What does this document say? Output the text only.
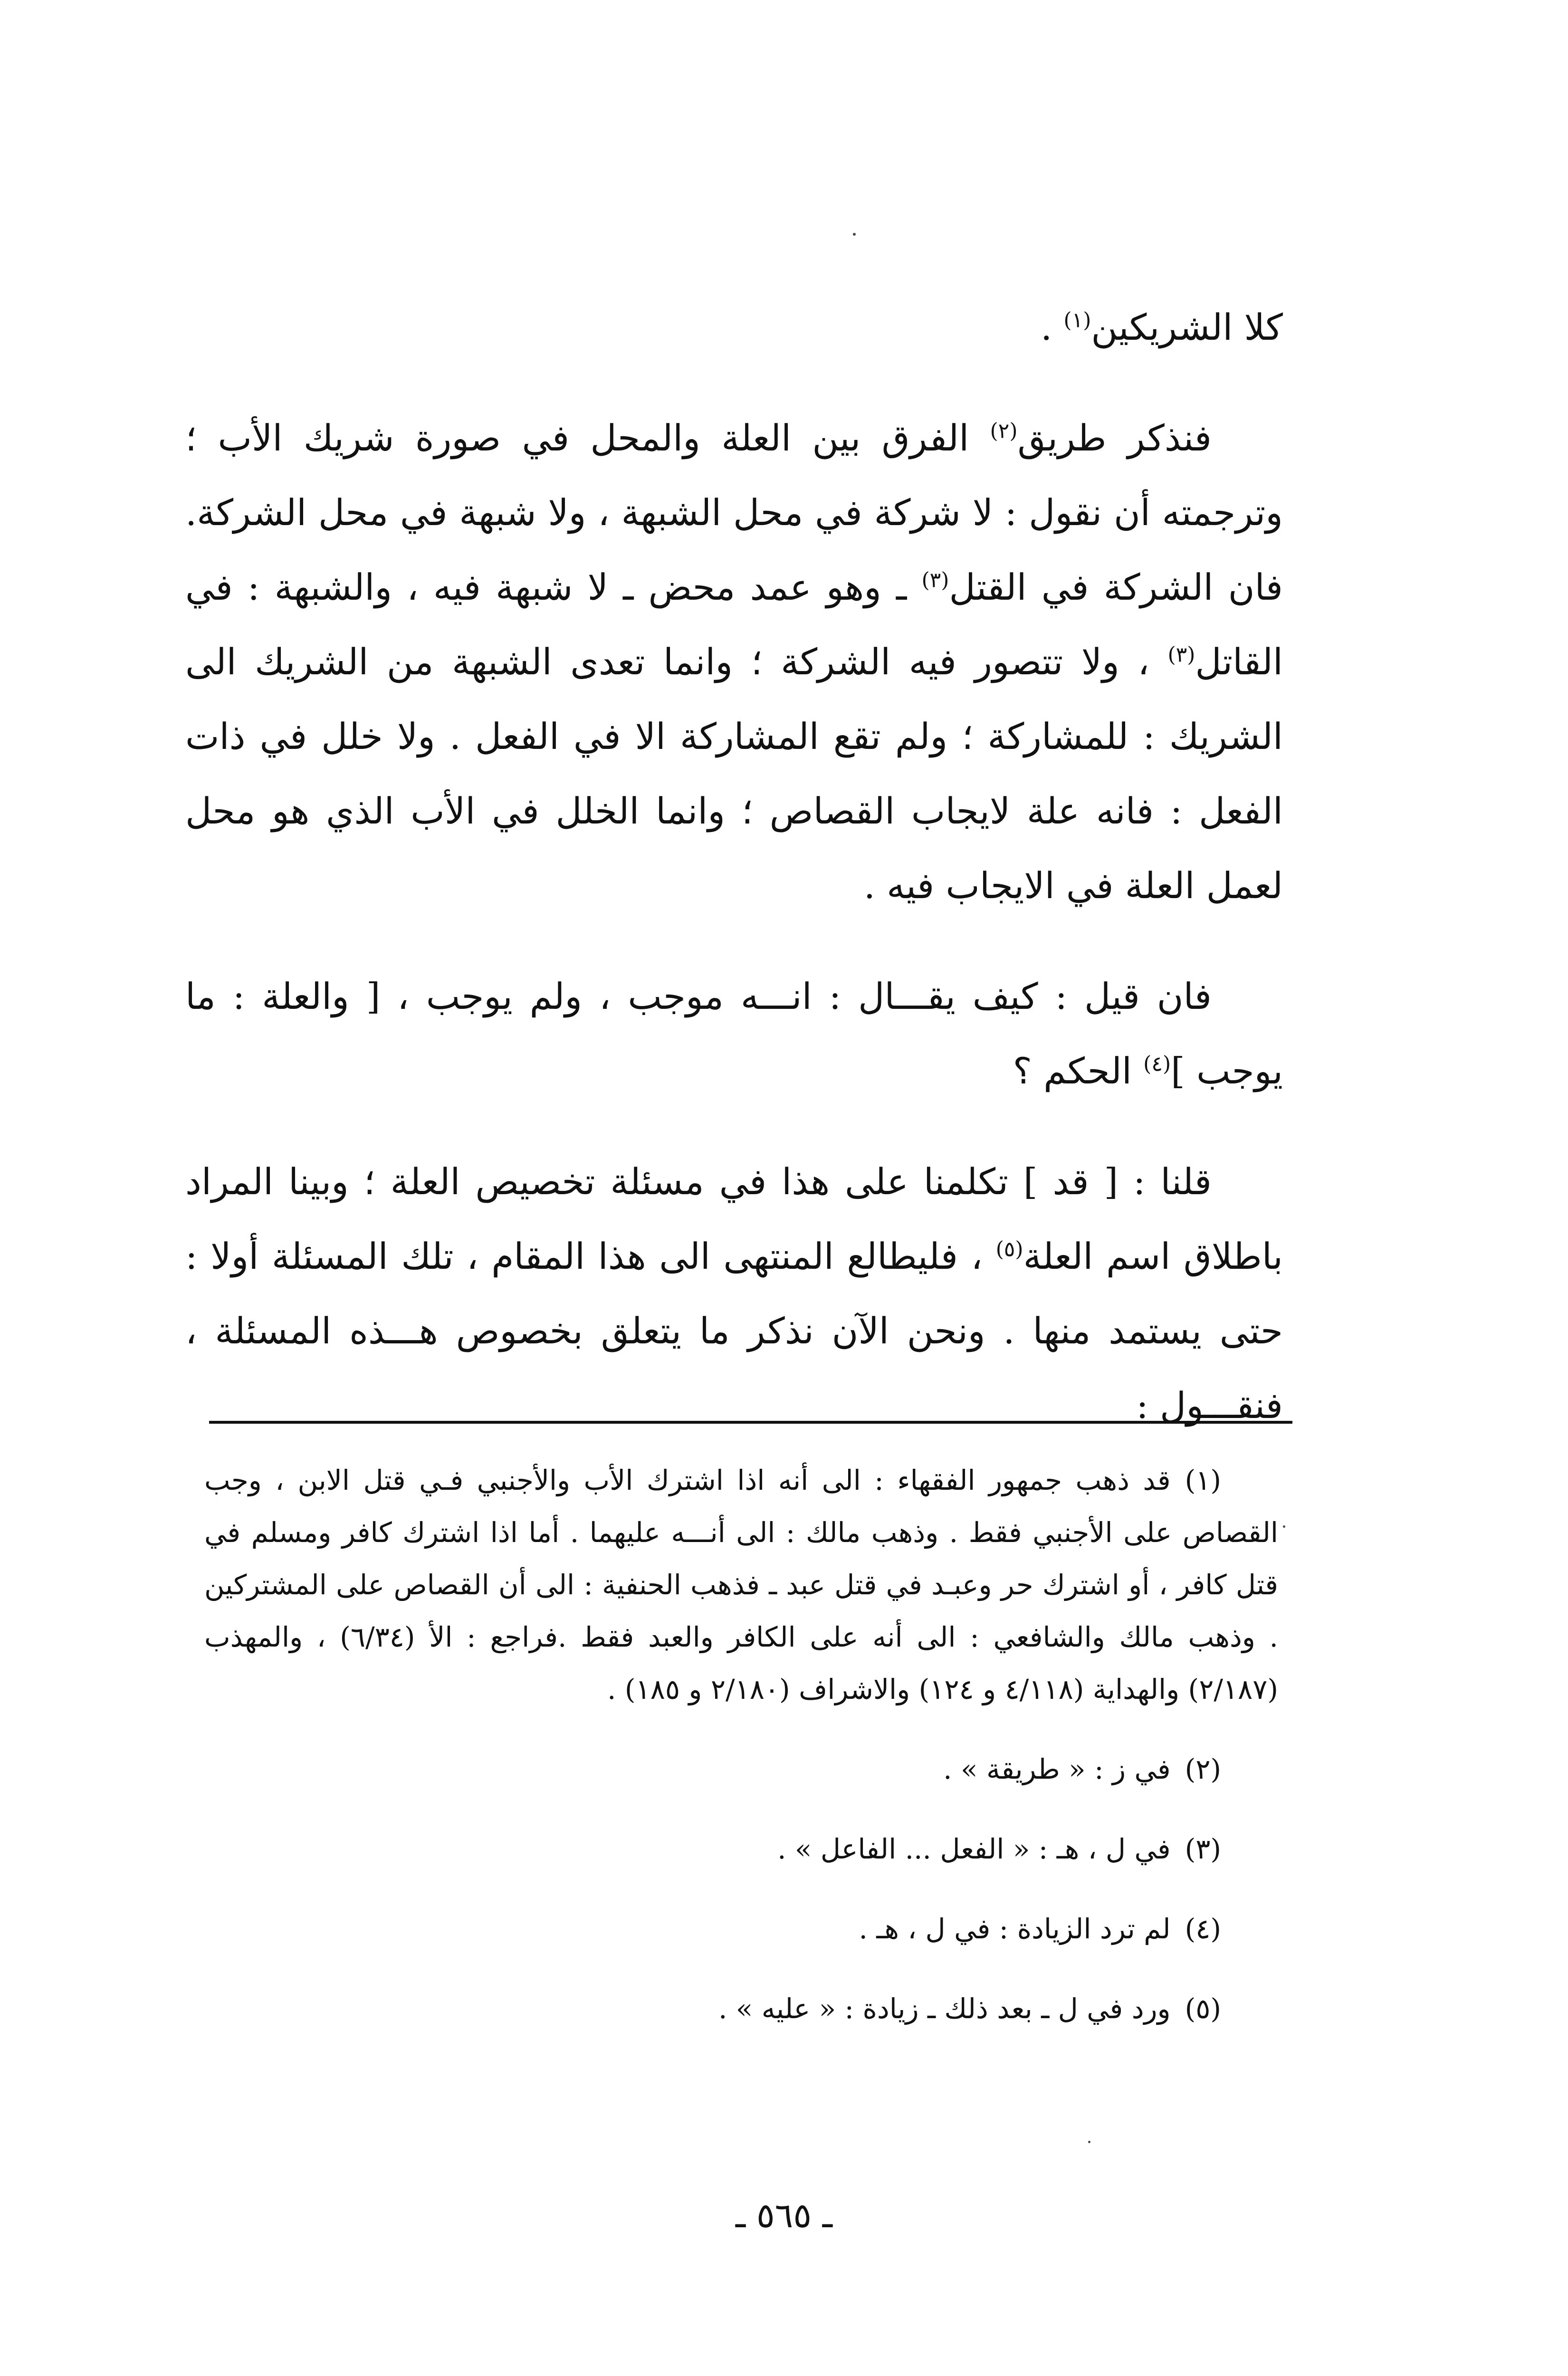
كلا الشريكين$^{(١)}$ .

فنذكر طريق$^{(٢)}$ الفرق بين العلة والمحل في صورة شريك الأب ؛ وترجمته أن نقول : لا شركة في محل الشبهة ، ولا شبهة في محل الشركة. فان الشركة في القتل$^{(٣)}$ ـ وهو عمد محض ـ لا شبهة فيه ، والشبهة : في القاتل$^{(٣)}$ ، ولا تتصور فيه الشركة ؛ وانما تعدى الشبهة من الشريك الى الشريك : للمشاركة ؛ ولم تقع المشاركة الا في الفعل . ولا خلل في ذات الفعل : فانه علة لايجاب القصاص ؛ وانما الخلل في الأب الذي هو محل لعمل العلة في الايجاب فيه .

فان قيل : كيف يقـــال : انـــه موجب ، ولم يوجب ، [ والعلة : ما يوجب ]$^{(٤)}$ الحكم ؟

قلنا : [ قد ] تكلمنا على هذا في مسئلة تخصيص العلة ؛ وبينا المراد باطلاق اسم العلة$^{(٥)}$ ، فليطالع المنتهى الى هذا المقام ، تلك المسئلة أولا : حتى يستمد منها . ونحن الآن نذكر ما يتعلق بخصوص هـــذه المسئلة ، فنقـــول :

(١)قد ذهب جمهور الفقهاء : الى أنه اذا اشترك الأب والأجنبي فـي قتل الابن ، وجب القصاص على الأجنبي فقط . وذهب مالك : الى أنـــه عليهما . أما اذا اشترك كافر ومسلم في قتل كافر ، أو اشترك حر وعبـد في قتل عبد ـ فذهب الحنفية : الى أن القصاص على المشتركين . وذهب مالك والشافعي : الى أنه على الكافر والعبد فقط .فراجع : الأ (٦/٣٤) ، والمهذب (٢/١٨٧) والهداية (٤/١١٨ و ١٢٤) والاشراف (٢/١٨٠ و ١٨٥) .

(٢)في ز : « طريقة » .

(٣)في ل ، هـ : « الفعل ... الفاعل » .

(٤)لم ترد الزيادة : في ل ، هـ .

(٥)ورد في ل ـ بعد ذلك ـ زيادة : « عليه » .

ـ ٥٦٥ ـ
